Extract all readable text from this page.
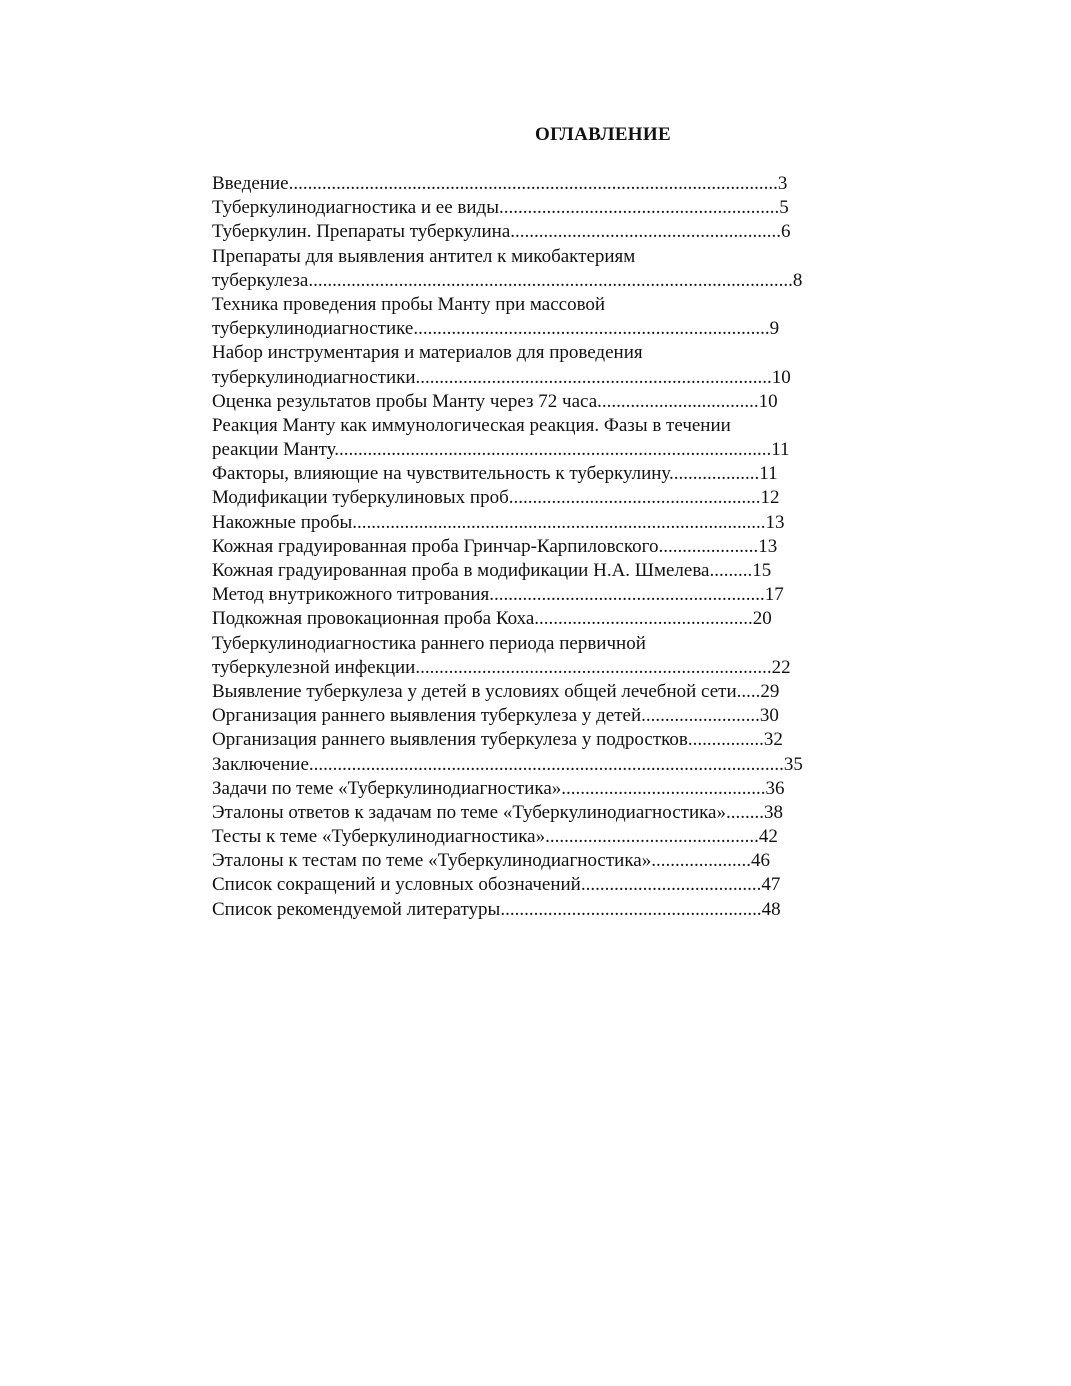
ОГЛАВЛЕНИЕ
Введение.......................................................................................................3
Туберкулинодиагностика и ее виды...........................................................5
Туберкулин. Препараты туберкулина.........................................................6
Препараты для выявления антител к микобактериям
туберкулеза......................................................................................................8
Техника проведения пробы Манту при массовой
туберкулинодиагностике...........................................................................9
Набор инструментария и материалов для проведения
туберкулинодиагностики...........................................................................10
Оценка результатов пробы Манту через 72 часа..................................10
Реакция Манту как иммунологическая реакция. Фазы в течении
реакции Манту............................................................................................11
Факторы, влияющие на чувствительность к туберкулину...................11
Модификации туберкулиновых проб.....................................................12
Накожные пробы.......................................................................................13
Кожная градуированная проба Гринчар-Карпиловского.....................13
Кожная градуированная проба в модификации Н.А. Шмелева.........15
Метод внутрикожного титрования..........................................................17
Подкожная провокационная проба Коха..............................................20
Туберкулинодиагностика раннего периода первичной
туберкулезной инфекции...........................................................................22
Выявление туберкулеза у детей в условиях общей лечебной сети.....29
Организация раннего выявления туберкулеза у детей.........................30
Организация раннего выявления туберкулеза у подростков................32
Заключение....................................................................................................35
Задачи по теме «Туберкулинодиагностика»...........................................36
Эталоны ответов к задачам по теме «Туберкулинодиагностика»........38
Тесты к теме «Туберкулинодиагностика».............................................42
Эталоны к тестам по теме «Туберкулинодиагностика».....................46
Список сокращений и условных обозначений......................................47
Список рекомендуемой литературы.......................................................48
